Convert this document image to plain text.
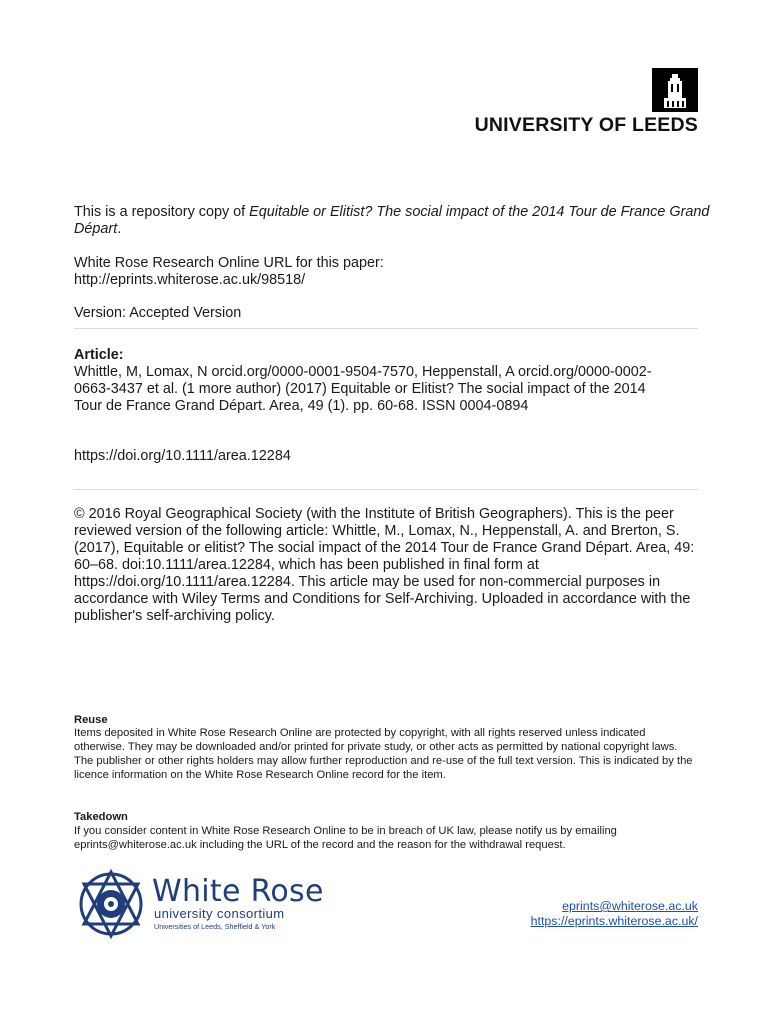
UNIVERSITY OF LEEDS
This is a repository copy of Equitable or Elitist? The social impact of the 2014 Tour de France Grand Départ.
White Rose Research Online URL for this paper:
http://eprints.whiterose.ac.uk/98518/
Version: Accepted Version
Article:
Whittle, M, Lomax, N orcid.org/0000-0001-9504-7570, Heppenstall, A orcid.org/0000-0002-0663-3437 et al. (1 more author) (2017) Equitable or Elitist? The social impact of the 2014 Tour de France Grand Départ. Area, 49 (1). pp. 60-68. ISSN 0004-0894
https://doi.org/10.1111/area.12284
© 2016 Royal Geographical Society (with the Institute of British Geographers). This is the peer reviewed version of the following article: Whittle, M., Lomax, N., Heppenstall, A. and Brerton, S. (2017), Equitable or elitist? The social impact of the 2014 Tour de France Grand Départ. Area, 49: 60–68. doi:10.1111/area.12284, which has been published in final form at https://doi.org/10.1111/area.12284. This article may be used for non-commercial purposes in accordance with Wiley Terms and Conditions for Self-Archiving. Uploaded in accordance with the publisher's self-archiving policy.
Reuse
Items deposited in White Rose Research Online are protected by copyright, with all rights reserved unless indicated otherwise. They may be downloaded and/or printed for private study, or other acts as permitted by national copyright laws. The publisher or other rights holders may allow further reproduction and re-use of the full text version. This is indicated by the licence information on the White Rose Research Online record for the item.
Takedown
If you consider content in White Rose Research Online to be in breach of UK law, please notify us by emailing eprints@whiterose.ac.uk including the URL of the record and the reason for the withdrawal request.
White Rose
university consortium
Universities of Leeds, Sheffield & York
eprints@whiterose.ac.uk
https://eprints.whiterose.ac.uk/
